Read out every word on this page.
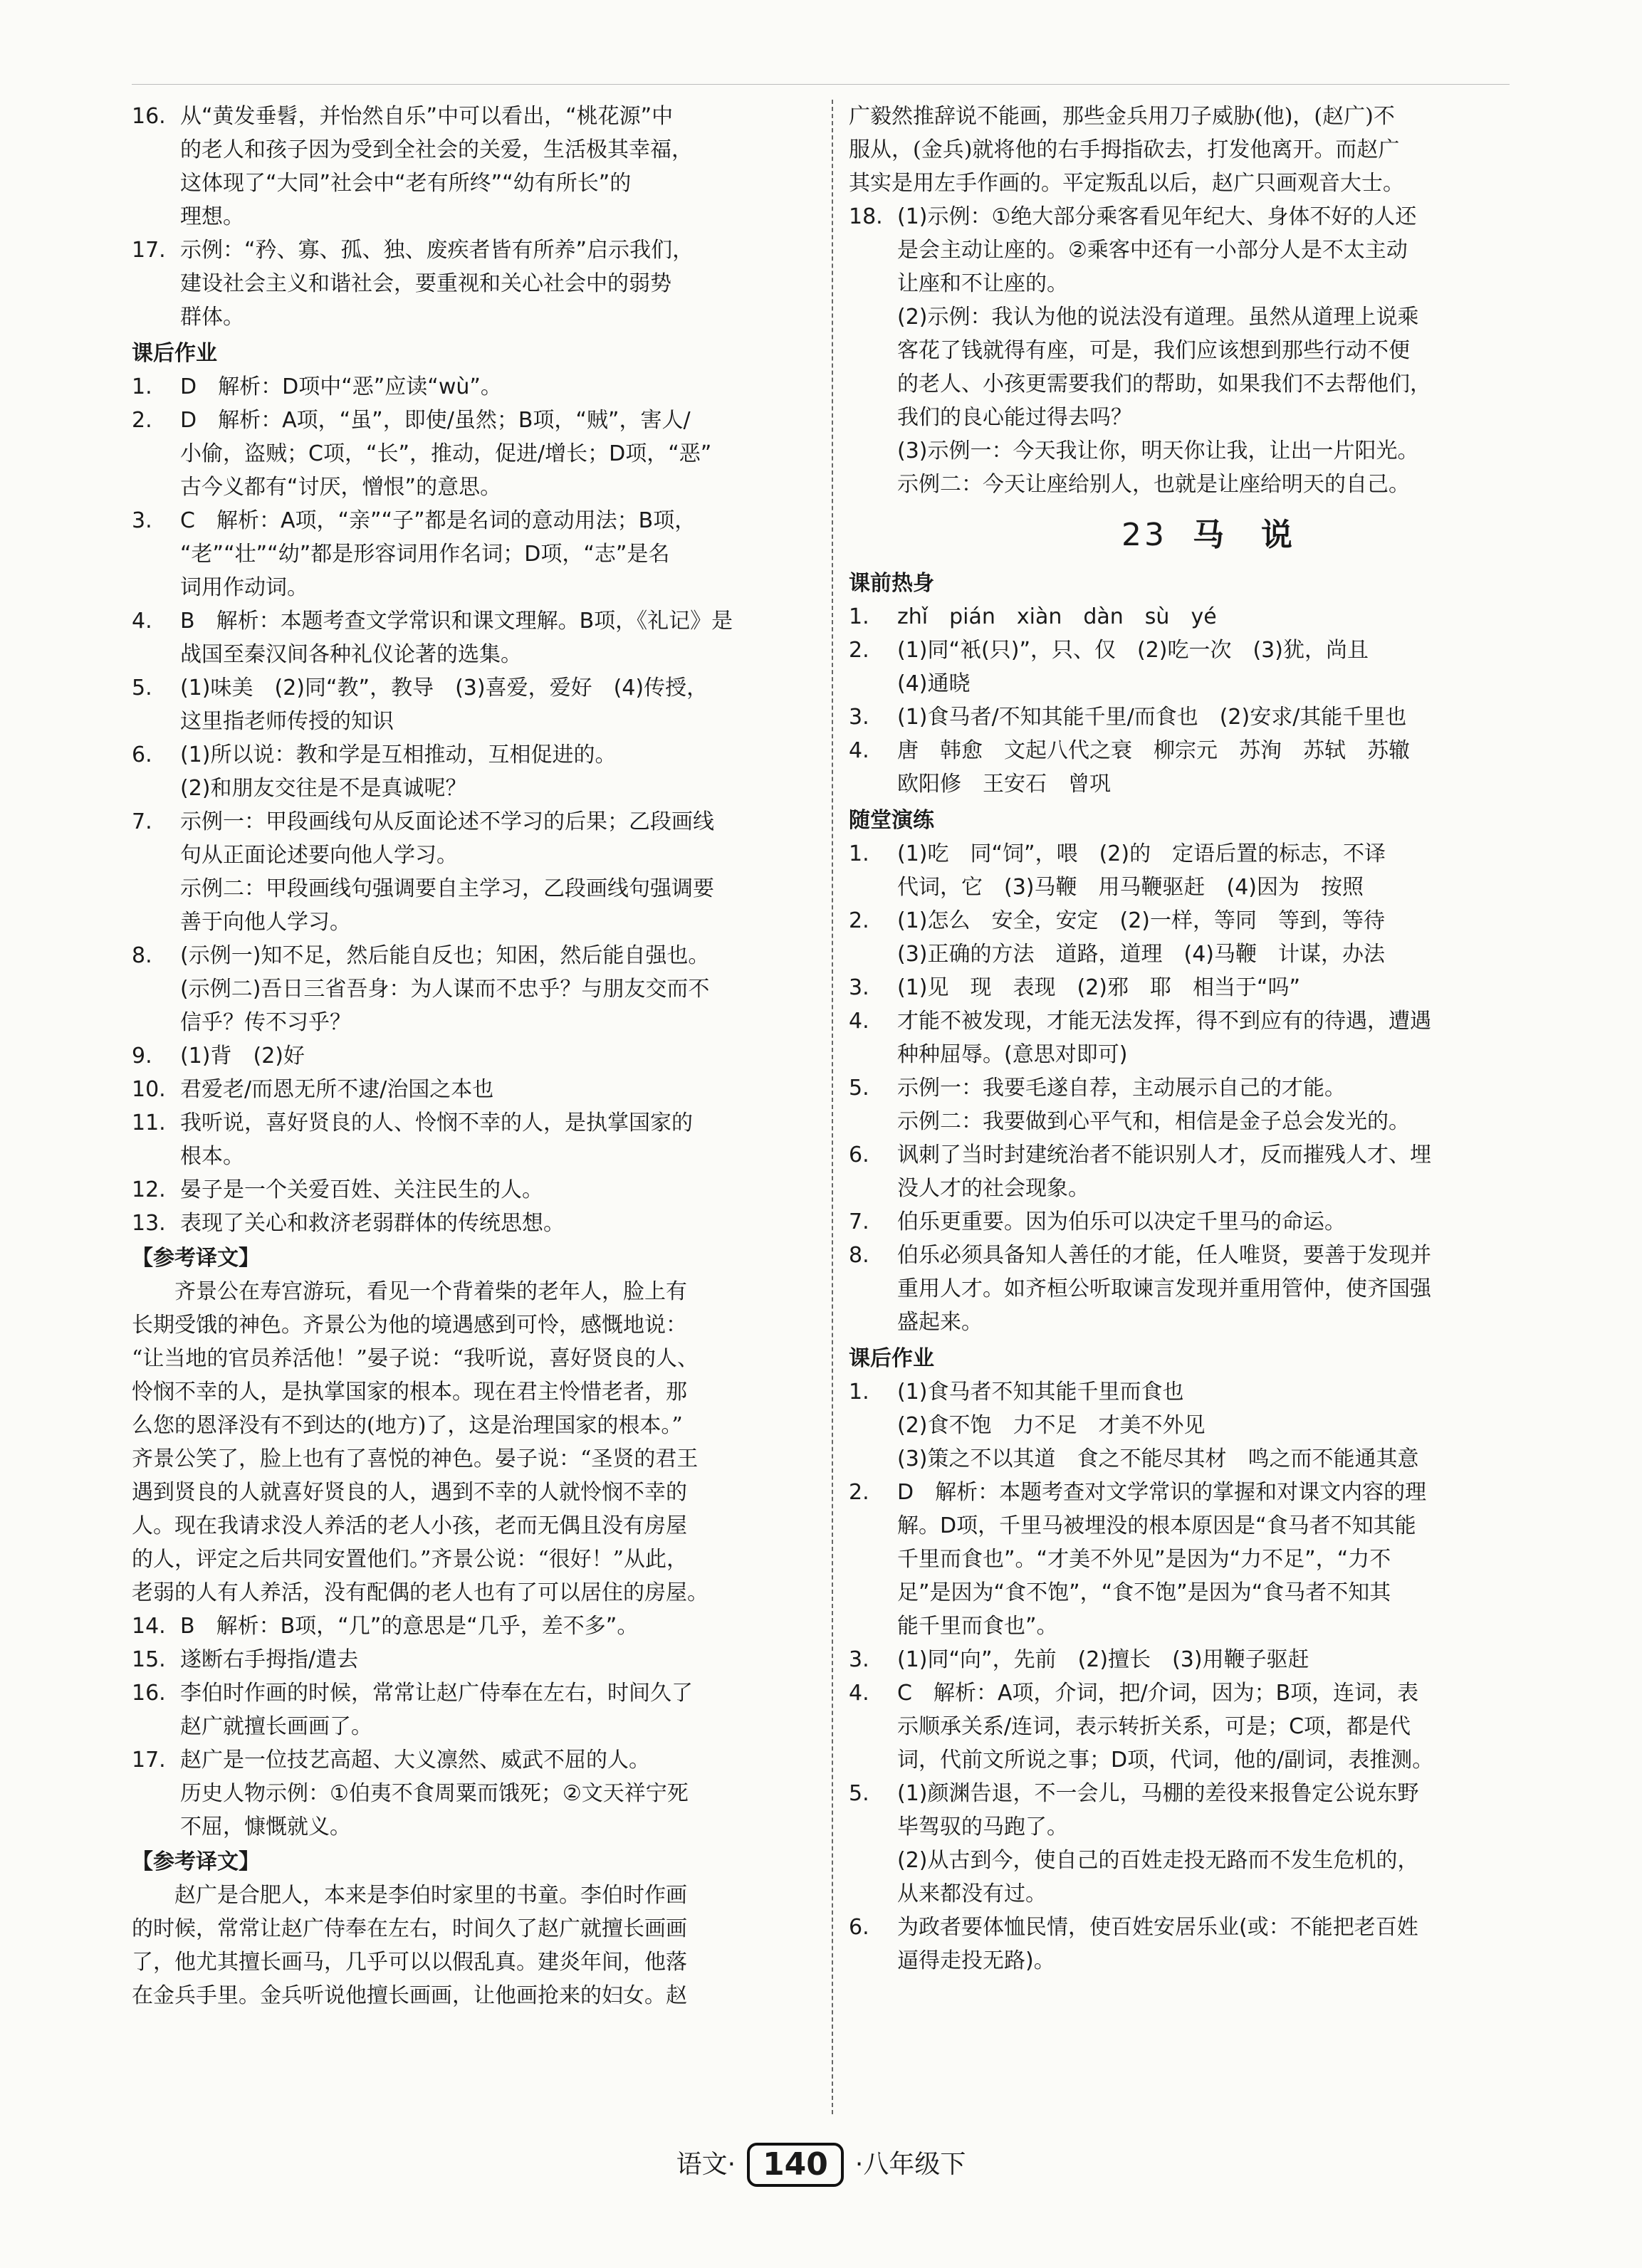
16. 从“黄发垂髫，并怡然自乐”中可以看出，“桃花源”中
的老人和孩子因为受到全社会的关爱，生活极其幸福，
这体现了“大同”社会中“老有所终”“幼有所长”的
理想。
17. 示例：“矜、寡、孤、独、废疾者皆有所养”启示我们，
建设社会主义和谐社会，要重视和关心社会中的弱势
群体。
课后作业
1. D　解析：D项中“恶”应读“wù”。
2. D　解析：A项，“虽”，即使/虽然；B项，“贼”，害人/
小偷，盗贼；C项，“长”，推动，促进/增长；D项，“恶”
古今义都有“讨厌，憎恨”的意思。
3. C　解析：A项，“亲”“子”都是名词的意动用法；B项，
“老”“壮”“幼”都是形容词用作名词；D项，“志”是名
词用作动词。
4. B　解析：本题考查文学常识和课文理解。B项，《礼记》是
战国至秦汉间各种礼仪论著的选集。
5. (1)味美　(2)同“教”，教导　(3)喜爱，爱好　(4)传授，
这里指老师传授的知识
6. (1)所以说：教和学是互相推动，互相促进的。
(2)和朋友交往是不是真诚呢？
7. 示例一：甲段画线句从反面论述不学习的后果；乙段画线
句从正面论述要向他人学习。
示例二：甲段画线句强调要自主学习，乙段画线句强调要
善于向他人学习。
8. (示例一)知不足，然后能自反也；知困，然后能自强也。
(示例二)吾日三省吾身：为人谋而不忠乎？与朋友交而不
信乎？传不习乎？
9. (1)背　(2)好
10. 君爱老/而恩无所不逮/治国之本也
11. 我听说，喜好贤良的人、怜悯不幸的人，是执掌国家的
根本。
12. 晏子是一个关爱百姓、关注民生的人。
13. 表现了关心和救济老弱群体的传统思想。
【参考译文】
　　齐景公在寿宫游玩，看见一个背着柴的老年人，脸上有
长期受饿的神色。齐景公为他的境遇感到可怜，感慨地说：
“让当地的官员养活他！”晏子说：“我听说，喜好贤良的人、
怜悯不幸的人，是执掌国家的根本。现在君主怜惜老者，那
么您的恩泽没有不到达的(地方)了，这是治理国家的根本。”
齐景公笑了，脸上也有了喜悦的神色。晏子说：“圣贤的君王
遇到贤良的人就喜好贤良的人，遇到不幸的人就怜悯不幸的
人。现在我请求没人养活的老人小孩，老而无偶且没有房屋
的人，评定之后共同安置他们。”齐景公说：“很好！”从此，
老弱的人有人养活，没有配偶的老人也有了可以居住的房屋。
14. B　解析：B项，“几”的意思是“几乎，差不多”。
15. 遂断右手拇指/遣去
16. 李伯时作画的时候，常常让赵广侍奉在左右，时间久了
赵广就擅长画画了。
17. 赵广是一位技艺高超、大义凛然、威武不屈的人。
历史人物示例：①伯夷不食周粟而饿死；②文天祥宁死
不屈，慷慨就义。
【参考译文】
　　赵广是合肥人，本来是李伯时家里的书童。李伯时作画
的时候，常常让赵广侍奉在左右，时间久了赵广就擅长画画
了，他尤其擅长画马，几乎可以以假乱真。建炎年间，他落
在金兵手里。金兵听说他擅长画画，让他画抢来的妇女。赵
广毅然推辞说不能画，那些金兵用刀子威胁(他)，(赵广)不
服从，(金兵)就将他的右手拇指砍去，打发他离开。而赵广
其实是用左手作画的。平定叛乱以后，赵广只画观音大士。
18. (1)示例：①绝大部分乘客看见年纪大、身体不好的人还
是会主动让座的。②乘客中还有一小部分人是不太主动
让座和不让座的。
(2)示例：我认为他的说法没有道理。虽然从道理上说乘
客花了钱就得有座，可是，我们应该想到那些行动不便
的老人、小孩更需要我们的帮助，如果我们不去帮他们，
我们的良心能过得去吗？
(3)示例一：今天我让你，明天你让我，让出一片阳光。
示例二：今天让座给别人，也就是让座给明天的自己。
23 马　说
课前热身
1. zhǐ　pián　xiàn　dàn　sù　yé
2. (1)同“衹(只)”，只、仅　(2)吃一次　(3)犹，尚且
(4)通晓
3. (1)食马者/不知其能千里/而食也　(2)安求/其能千里也
4. 唐　韩愈　文起八代之衰　柳宗元　苏洵　苏轼　苏辙
欧阳修　王安石　曾巩
随堂演练
1. (1)吃　同“饲”，喂　(2)的　定语后置的标志，不译
代词，它　(3)马鞭　用马鞭驱赶　(4)因为　按照
2. (1)怎么　安全，安定　(2)一样，等同　等到，等待
(3)正确的方法　道路，道理　(4)马鞭　计谋，办法
3. (1)见　现　表现　(2)邪　耶　相当于“吗”
4. 才能不被发现，才能无法发挥，得不到应有的待遇，遭遇
种种屈辱。(意思对即可)
5. 示例一：我要毛遂自荐，主动展示自己的才能。
示例二：我要做到心平气和，相信是金子总会发光的。
6. 讽刺了当时封建统治者不能识别人才，反而摧残人才、埋
没人才的社会现象。
7. 伯乐更重要。因为伯乐可以决定千里马的命运。
8. 伯乐必须具备知人善任的才能，任人唯贤，要善于发现并
重用人才。如齐桓公听取谏言发现并重用管仲，使齐国强
盛起来。
课后作业
1. (1)食马者不知其能千里而食也
(2)食不饱　力不足　才美不外见
(3)策之不以其道　食之不能尽其材　鸣之而不能通其意
2. D　解析：本题考查对文学常识的掌握和对课文内容的理
解。D项，千里马被埋没的根本原因是“食马者不知其能
千里而食也”。“才美不外见”是因为“力不足”，“力不
足”是因为“食不饱”，“食不饱”是因为“食马者不知其
能千里而食也”。
3. (1)同“向”，先前　(2)擅长　(3)用鞭子驱赶
4. C　解析：A项，介词，把/介词，因为；B项，连词，表
示顺承关系/连词，表示转折关系，可是；C项，都是代
词，代前文所说之事；D项，代词，他的/副词，表推测。
5. (1)颜渊告退，不一会儿，马棚的差役来报鲁定公说东野
毕驾驭的马跑了。
(2)从古到今，使自己的百姓走投无路而不发生危机的，
从来都没有过。
6. 为政者要体恤民情，使百姓安居乐业(或：不能把老百姓
逼得走投无路)。
语文· 140 ·八年级下
